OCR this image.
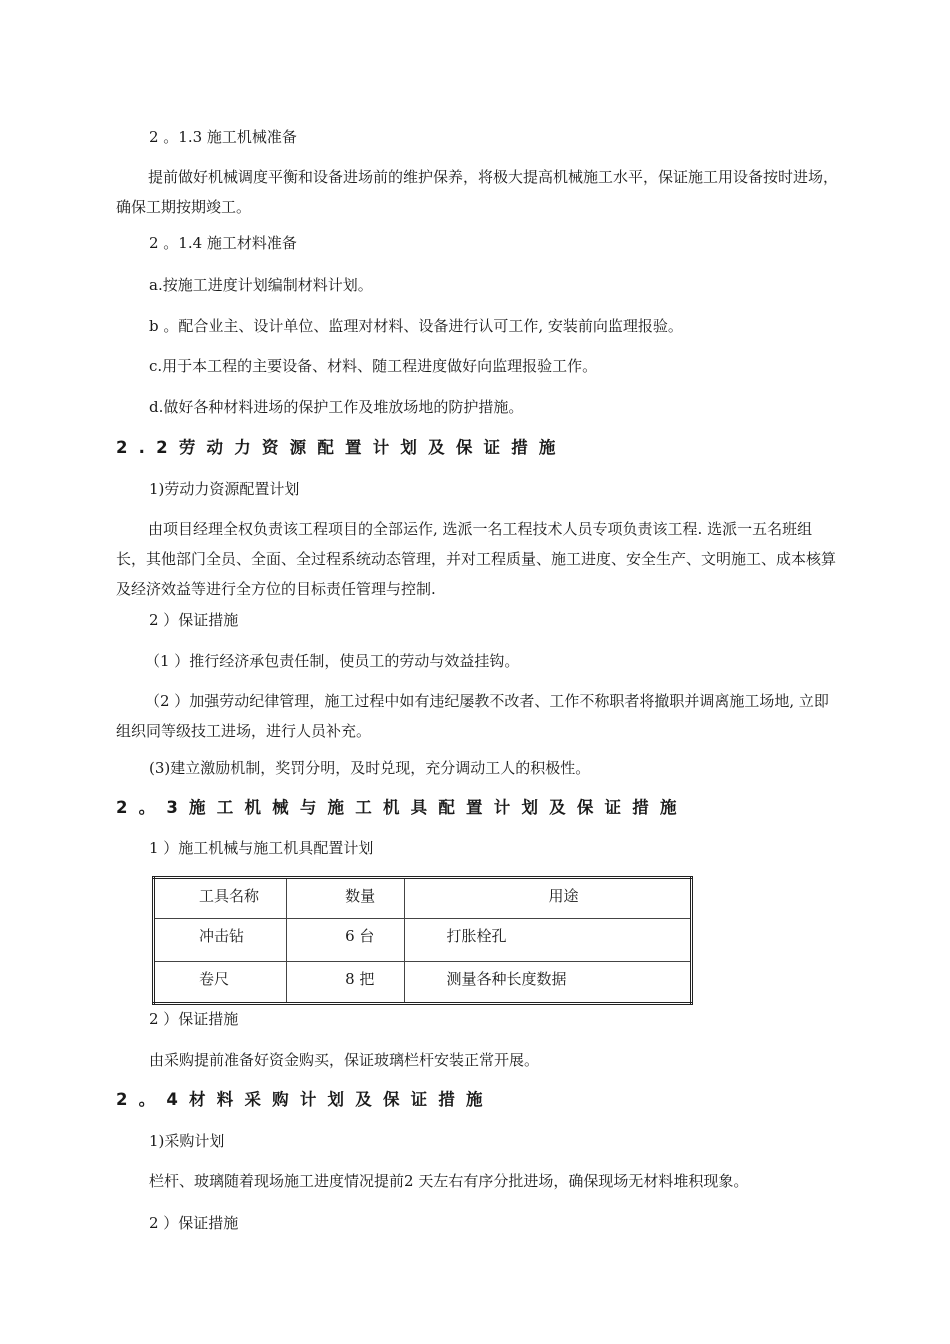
2 。1.3 施工机械准备
提前做好机械调度平衡和设备进场前的维护保养，将极大提高机械施工水平，保证施工用设备按时进场，确保工期按期竣工。
2 。1.4 施工材料准备
a.按施工进度计划编制材料计划。
b 。配合业主、设计单位、监理对材料、设备进行认可工作, 安装前向监理报验。
c.用于本工程的主要设备、材料、随工程进度做好向监理报验工作。
d.做好各种材料进场的保护工作及堆放场地的防护措施。
2.2劳动力资源配置计划及保证措施
1)劳动力资源配置计划
由项目经理全权负责该工程项目的全部运作, 选派一名工程技术人员专项负责该工程. 选派一五名班组长，其他部门全员、全面、全过程系统动态管理，并对工程质量、施工进度、安全生产、文明施工、成本核算及经济效益等进行全方位的目标责任管理与控制.
2 ）保证措施
（1 ）推行经济承包责任制，使员工的劳动与效益挂钩。
（2 ）加强劳动纪律管理，施工过程中如有违纪屡教不改者、工作不称职者将撤职并调离施工场地, 立即组织同等级技工进场，进行人员补充。
(3)建立激励机制，奖罚分明，及时兑现，充分调动工人的积极性。
2。3施工机械与施工机具配置计划及保证措施
1 ）施工机械与施工机具配置计划
工具名称	数量	用途
冲击钻	6 台	打胀栓孔
卷尺	8 把	测量各种长度数据
2 ）保证措施
由采购提前准备好资金购买，保证玻璃栏杆安装正常开展。
2。4材料采购计划及保证措施
1)采购计划
栏杆、玻璃随着现场施工进度情况提前2 天左右有序分批进场，确保现场无材料堆积现象。
2 ）保证措施
